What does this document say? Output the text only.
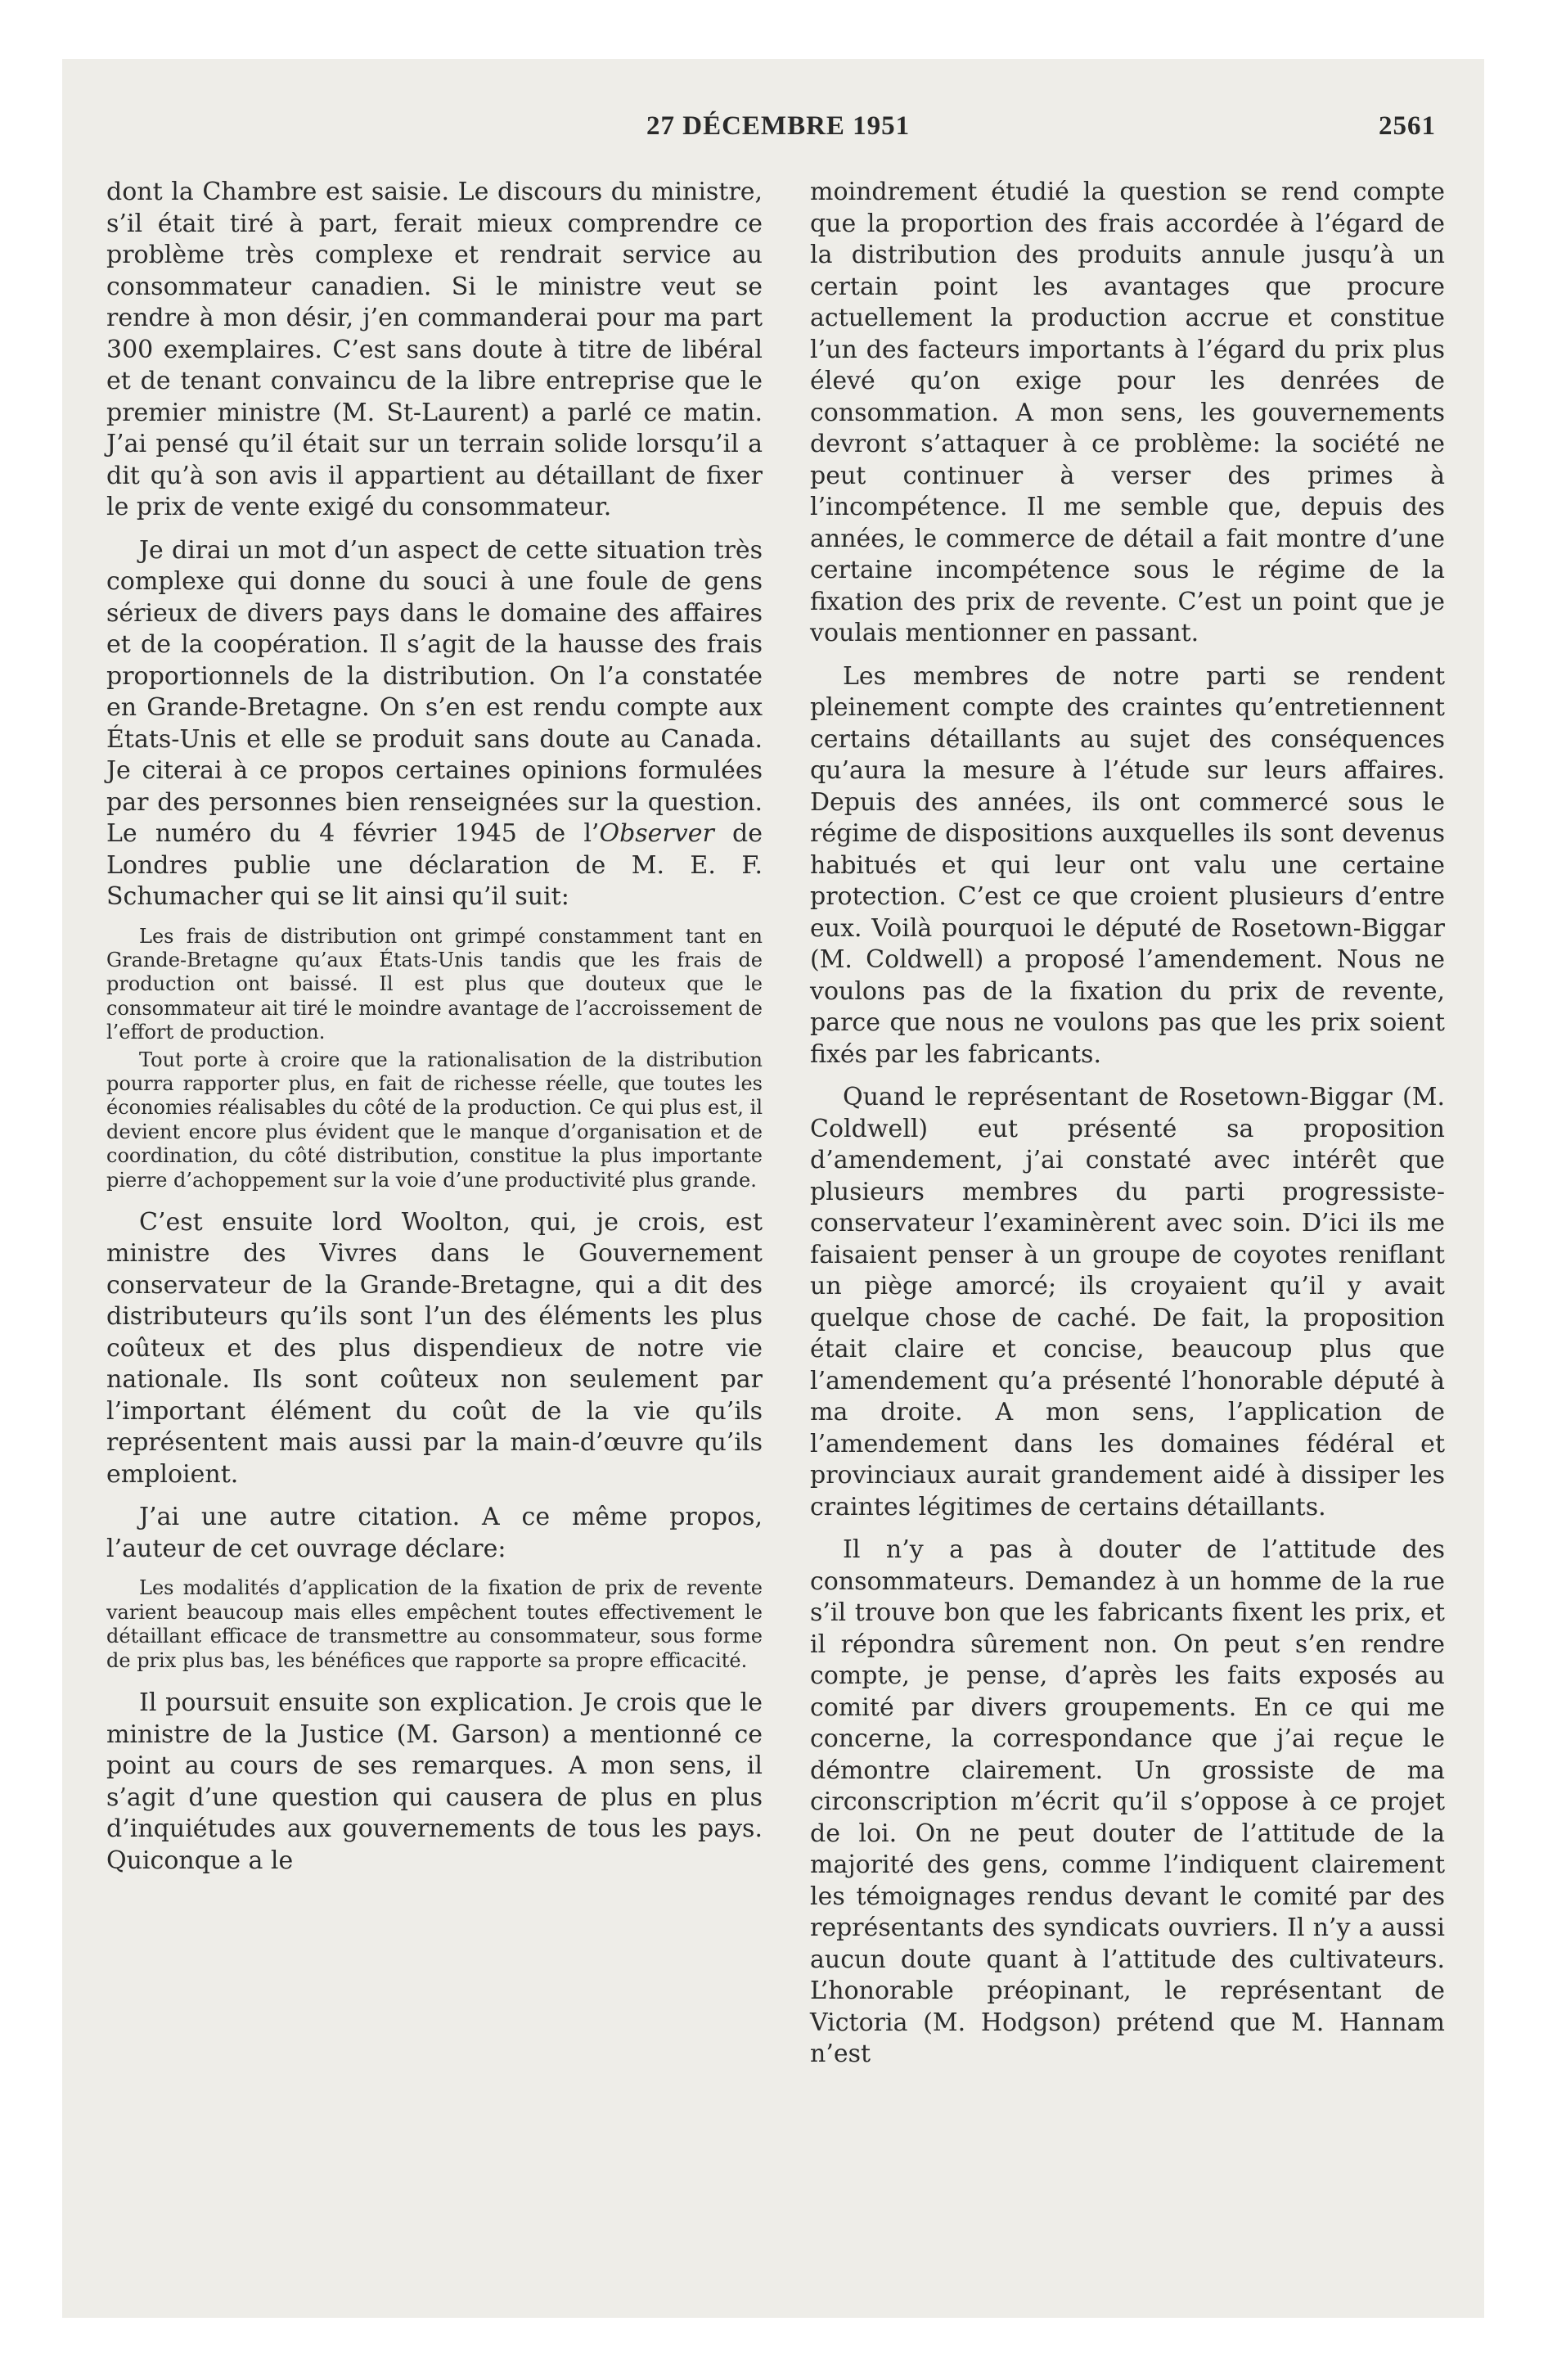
27 DÉCEMBRE 1951	2561

dont la Chambre est saisie. Le discours du ministre, s’il était tiré à part, ferait mieux comprendre ce problème très complexe et rendrait service au consommateur canadien. Si le ministre veut se rendre à mon désir, j’en commanderai pour ma part 300 exemplaires. C’est sans doute à titre de libéral et de tenant convaincu de la libre entreprise que le premier ministre (M. St-Laurent) a parlé ce matin. J’ai pensé qu’il était sur un terrain solide lorsqu’il a dit qu’à son avis il appartient au détaillant de fixer le prix de vente exigé du consommateur.

Je dirai un mot d’un aspect de cette situation très complexe qui donne du souci à une foule de gens sérieux de divers pays dans le domaine des affaires et de la coopération. Il s’agit de la hausse des frais proportionnels de la distribution. On l’a constatée en Grande-Bretagne. On s’en est rendu compte aux États-Unis et elle se produit sans doute au Canada. Je citerai à ce propos certaines opinions formulées par des personnes bien renseignées sur la question. Le numéro du 4 février 1945 de l’Observer de Londres publie une déclaration de M. E. F. Schumacher qui se lit ainsi qu’il suit:

Les frais de distribution ont grimpé constamment tant en Grande-Bretagne qu’aux États-Unis tandis que les frais de production ont baissé. Il est plus que douteux que le consommateur ait tiré le moindre avantage de l’accroissement de l’effort de production.

Tout porte à croire que la rationalisation de la distribution pourra rapporter plus, en fait de richesse réelle, que toutes les économies réalisables du côté de la production. Ce qui plus est, il devient encore plus évident que le manque d’organisation et de coordination, du côté distribution, constitue la plus importante pierre d’achoppement sur la voie d’une productivité plus grande.

C’est ensuite lord Woolton, qui, je crois, est ministre des Vivres dans le Gouvernement conservateur de la Grande-Bretagne, qui a dit des distributeurs qu’ils sont l’un des éléments les plus coûteux et des plus dispendieux de notre vie nationale. Ils sont coûteux non seulement par l’important élément du coût de la vie qu’ils représentent mais aussi par la main-d’œuvre qu’ils emploient.

J’ai une autre citation. A ce même propos, l’auteur de cet ouvrage déclare:

Les modalités d’application de la fixation de prix de revente varient beaucoup mais elles empêchent toutes effectivement le détaillant efficace de transmettre au consommateur, sous forme de prix plus bas, les bénéfices que rapporte sa propre efficacité.

Il poursuit ensuite son explication. Je crois que le ministre de la Justice (M. Garson) a mentionné ce point au cours de ses remarques. A mon sens, il s’agit d’une question qui causera de plus en plus d’inquiétudes aux gouvernements de tous les pays. Quiconque a le

moindrement étudié la question se rend compte que la proportion des frais accordée à l’égard de la distribution des produits annule jusqu’à un certain point les avantages que procure actuellement la production accrue et constitue l’un des facteurs importants à l’égard du prix plus élevé qu’on exige pour les denrées de consommation. A mon sens, les gouvernements devront s’attaquer à ce problème: la société ne peut continuer à verser des primes à l’incompétence. Il me semble que, depuis des années, le commerce de détail a fait montre d’une certaine incompétence sous le régime de la fixation des prix de revente. C’est un point que je voulais mentionner en passant.

Les membres de notre parti se rendent pleinement compte des craintes qu’entretiennent certains détaillants au sujet des conséquences qu’aura la mesure à l’étude sur leurs affaires. Depuis des années, ils ont commercé sous le régime de dispositions auxquelles ils sont devenus habitués et qui leur ont valu une certaine protection. C’est ce que croient plusieurs d’entre eux. Voilà pourquoi le député de Rosetown-Biggar (M. Coldwell) a proposé l’amendement. Nous ne voulons pas de la fixation du prix de revente, parce que nous ne voulons pas que les prix soient fixés par les fabricants.

Quand le représentant de Rosetown-Biggar (M. Coldwell) eut présenté sa proposition d’amendement, j’ai constaté avec intérêt que plusieurs membres du parti progressiste-conservateur l’examinèrent avec soin. D’ici ils me faisaient penser à un groupe de coyotes reniflant un piège amorcé; ils croyaient qu’il y avait quelque chose de caché. De fait, la proposition était claire et concise, beaucoup plus que l’amendement qu’a présenté l’honorable député à ma droite. A mon sens, l’application de l’amendement dans les domaines fédéral et provinciaux aurait grandement aidé à dissiper les craintes légitimes de certains détaillants.

Il n’y a pas à douter de l’attitude des consommateurs. Demandez à un homme de la rue s’il trouve bon que les fabricants fixent les prix, et il répondra sûrement non. On peut s’en rendre compte, je pense, d’après les faits exposés au comité par divers groupements. En ce qui me concerne, la correspondance que j’ai reçue le démontre clairement. Un grossiste de ma circonscription m’écrit qu’il s’oppose à ce projet de loi. On ne peut douter de l’attitude de la majorité des gens, comme l’indiquent clairement les témoignages rendus devant le comité par des représentants des syndicats ouvriers. Il n’y a aussi aucun doute quant à l’attitude des cultivateurs. L’honorable préopinant, le représentant de Victoria (M. Hodgson) prétend que M. Hannam n’est
